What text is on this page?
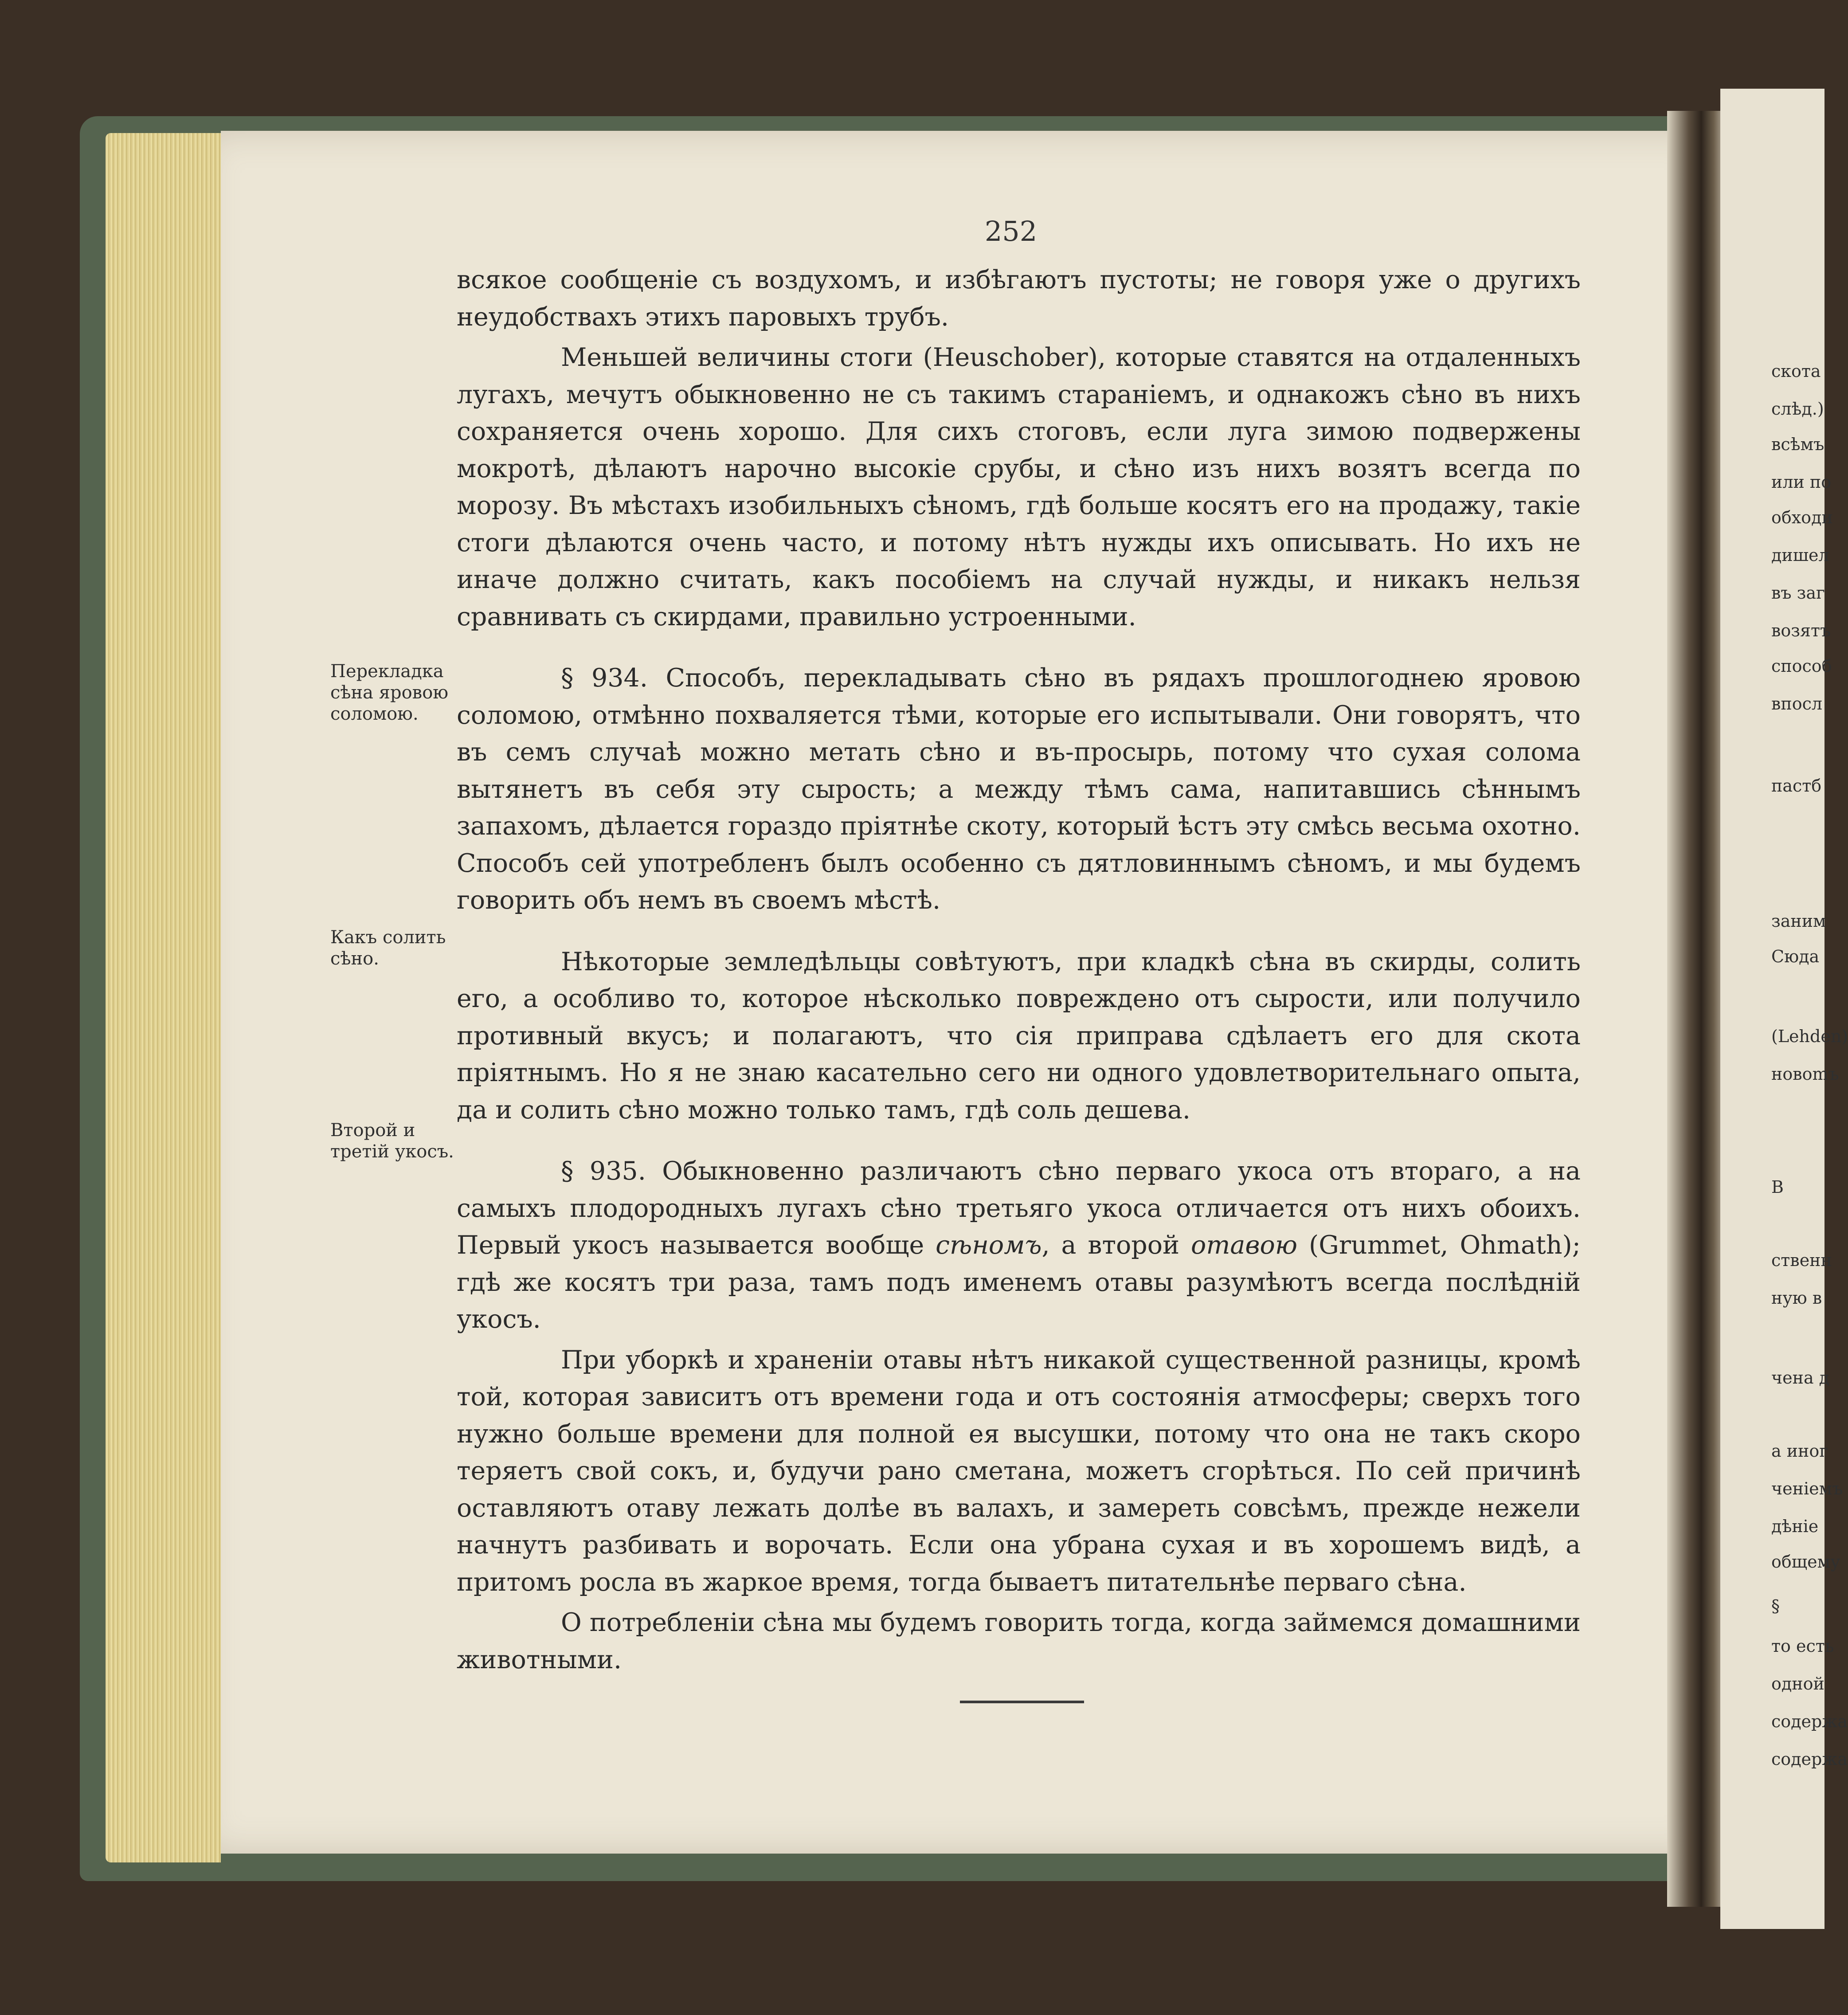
252

всякое сообщенiе съ воздухомъ, и избѣгаютъ пустоты; не говоря уже о другихъ неудобствахъ этихъ паровыхъ трубъ.

Меньшей величины стоги (Heuschober), которые ставятся на отдаленныхъ лугахъ, мечутъ обыкновенно не съ такимъ старанiемъ, и однакожъ сѣно въ нихъ сохраняется очень хорошо. Для сихъ стоговъ, если луга зимою подвержены мокротѣ, дѣлаютъ нарочно высокiе срубы, и сѣно изъ нихъ возятъ всегда по морозу. Въ мѣстахъ изобильныхъ сѣномъ, гдѣ больше косятъ его на продажу, такiе стоги дѣлаются очень часто, и потому нѣтъ нужды ихъ описывать. Но ихъ не иначе должно считать, какъ пособiемъ на случай нужды, и никакъ нельзя сравнивать съ скирдами, правильно устроенными.

§ 934. Способъ, перекладывать сѣно въ рядахъ прошлогоднею яровою соломою, отмѣнно похваляется тѣми, которые его испытывали. Они говорятъ, что въ семъ случаѣ можно метать сѣно и въ-просырь, потому что сухая солома вытянетъ въ себя эту сырость; а между тѣмъ сама, напитавшись сѣннымъ запахомъ, дѣлается гораздо прiятнѣе скоту, который ѣстъ эту смѣсь весьма охотно. Способъ сей употребленъ былъ особенно съ дятловиннымъ сѣномъ, и мы будемъ говорить объ немъ въ своемъ мѣстѣ.

Нѣкоторые земледѣльцы совѣтуютъ, при кладкѣ сѣна въ скирды, солить его, а особливо то, которое нѣсколько повреждено отъ сырости, или получило противный вкусъ; и полагаютъ, что сiя приправа сдѣлаетъ его для скота прiятнымъ. Но я не знаю касательно сего ни одного удовлетворительнаго опыта, да и солить сѣно можно только тамъ, гдѣ соль дешева.

§ 935. Обыкновенно различаютъ сѣно перваго укоса отъ втораго, а на самыхъ плодородныхъ лугахъ сѣно третьяго укоса отличается отъ нихъ обоихъ. Первый укосъ называется вообще сѣномъ, а второй отавою (Grummet, Ohmath); гдѣ же косятъ три раза, тамъ подъ именемъ отавы разумѣютъ всегда послѣднiй укосъ.

При уборкѣ и храненiи отавы нѣтъ никакой существенной разницы, кромѣ той, которая зависитъ отъ времени года и отъ состоянiя атмосферы; сверхъ того нужно больше времени для полной ея высушки, потому что она не такъ скоро теряетъ свой сокъ, и, будучи рано сметана, можетъ сгорѣться. По сей причинѣ оставляютъ отаву лежать долѣе въ валахъ, и замерeть совсѣмъ, прежде нежели начнутъ разбивать и ворочать. Если она убрана сухая и въ хорошемъ видѣ, а притомъ росла въ жаркое время, тогда бываетъ питательнѣе перваго сѣна.

О потребленiи сѣна мы будемъ говорить тогда, когда займемся домашними животными.

Перекладка сѣна яровою соломою.
Какъ солить сѣно.
Второй и третiй укосъ.
скота
слѣд.)
всѣмъ
или по
обходи
дишел
въ заг
возятъ
способ
впосл
пастб
заним
Сюда
(Lehden)
новоmъ
В
ственн
ную в
чена д
а иног
ченiемъ
дѣнiе
общему
§
то есть
одной
содержа
содержа
